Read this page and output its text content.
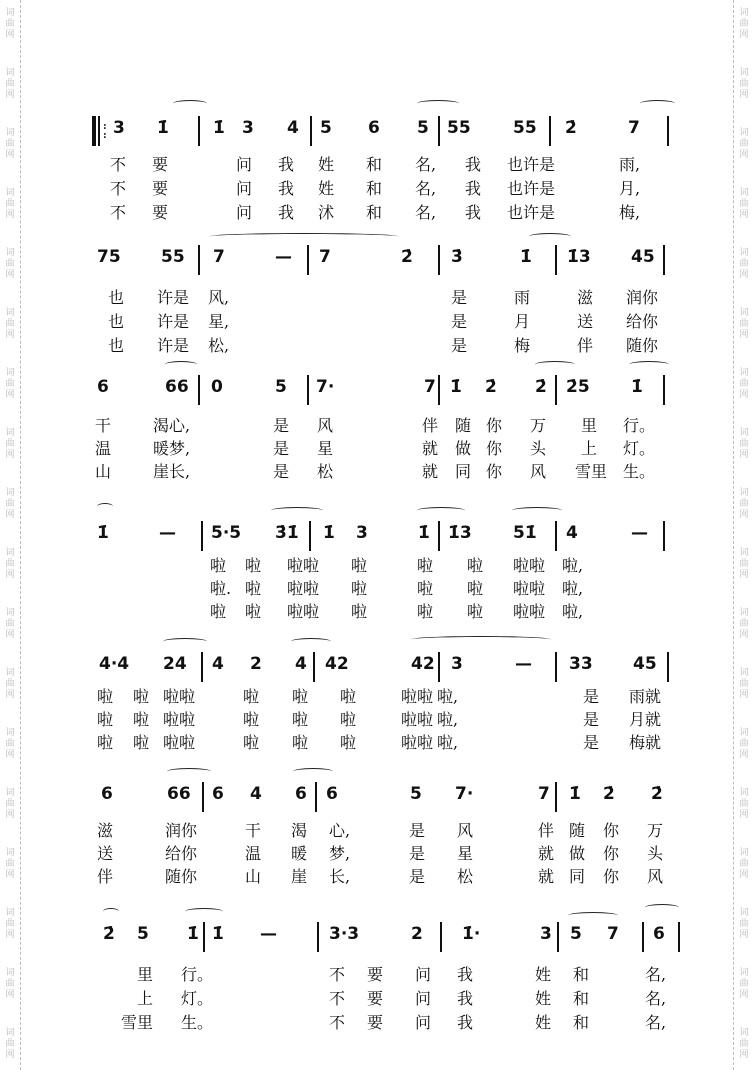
词
曲
网
词
曲
网
词
曲
网
词
曲
网
词
曲
网
词
曲
网
词
曲
网
词
曲
网
词
曲
网
词
曲
网
词
曲
网
词
曲
网
词
曲
网
词
曲
网
词
曲
网
词
曲
网
词
曲
网
词
曲
网
词
曲
网
词
曲
网
词
曲
网
词
曲
网
词
曲
网
词
曲
网
词
曲
网
词
曲
网
词
曲
网
词
曲
网
词
曲
网
词
曲
网
词
曲
网
词
曲
网
词
曲
网
词
曲
网
词
曲
网
词
曲
网
:
: 3 1̇	1̇ 3 4 5 6 5 55 55 2̇	7
不 要	问 我 姓 和 名, 我 也许是	雨,
不 要	问 我 姓 和 名, 我 也许是	月,
不 要	问 我 沭 和 名, 我 也许是	梅,
75 55 7	— 7	2̇ 3̇	1̇ 1̇3 45
也 许是 风,	是	雨	滋 润你
也 许是 星,	是	月	送 给你
也 许是 松,	是	梅	伴 随你
6	66 0	5 7·	7 1̇ 2̇ 2̇ 2̇5 1̇
干	渴心,	是 风	伴 随 你 万 里 行。
温	暖梦,	是 星	就 做 你 头 上 灯。
山	崖长,	是 松	就 同 你 风 雪里 生。
1̇	— 5·5 3̇1̇ 1̇ 3	1̇ 1̇3 51̇ 4	—
啦 啦 啦啦 啦	啦 啦 啦啦 啦,
啦. 啦 啦啦 啦	啦 啦 啦啦 啦,
啦 啦 啦啦 啦	啦 啦 啦啦 啦,
4·4 24 4 2 4 42	42 3	— 33 45
啦 啦 啦啦	啦 啦 啦	啦啦 啦,	是 雨就
啦 啦 啦啦	啦 啦 啦	啦啦 啦,	是 月就
啦 啦 啦啦	啦 啦 啦	啦啦 啦,	是 梅就
6	66 6 4 6 6	5 7·	7 1̇ 2̇ 2̇
滋	润你	干 渴 心,	是 风	伴 随 你 万
送	给你	温 暖 梦,	是 星	就 做 你 头
伴	随你	山 崖 长,	是 松	就 同 你 风
2̇ 5 1̇ 1̇ —	3·3	2 1̇·	3 5 7 6
里 行。	不 要 问 我	姓 和	名,
上 灯。	不 要 问 我	姓 和	名,
雪里 生。	不 要 问 我	姓 和	名,
